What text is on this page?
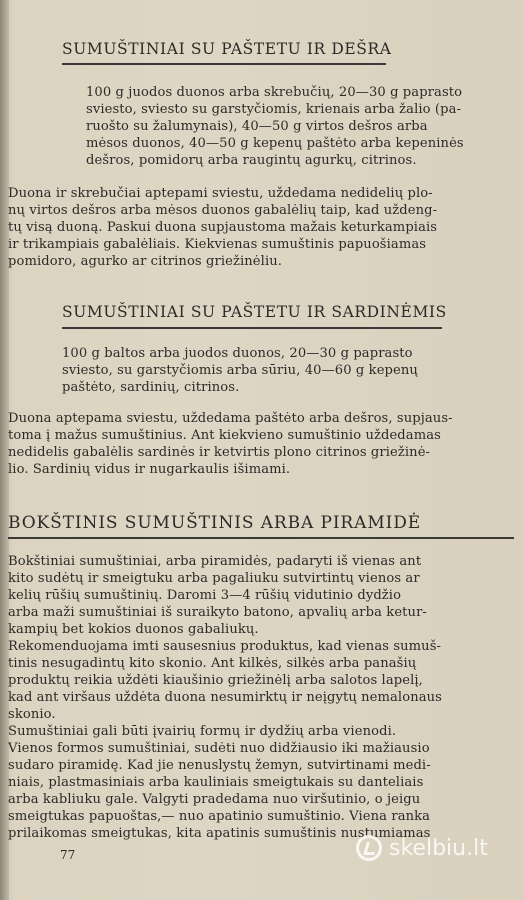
SUMUŠTINIAI SU PAŠTETU IR DEŠRA

100 g juodos duonos arba skrebučių, 20—30 g paprasto
sviesto, sviesto su garstyčiomis, krienais arba žalio (pa-
ruošto su žalumynais), 40—50 g virtos dešros arba
mėsos duonos, 40—50 g kepenų paštėto arba kepeninės
dešros, pomidorų arba raugintų agurkų, citrinos.

Duona ir skrebučiai aptepami sviestu, uždedama nedidelių plo-
nų virtos dešros arba mėsos duonos gabalėlių taip, kad uždeng-
tų visą duoną. Paskui duona supjaustoma mažais keturkampiais
ir trikampiais gabalėliais. Kiekvienas sumuštinis papuošiamas
pomidoro, agurko ar citrinos griežinėliu.

SUMUŠTINIAI SU PAŠTETU IR SARDINĖMIS

100 g baltos arba juodos duonos, 20—30 g paprasto
sviesto, su garstyčiomis arba sūriu, 40—60 g kepenų
paštėto, sardinių, citrinos.

Duona aptepama sviestu, uždedama paštėto arba dešros, supjaus-
toma į mažus sumuštinius. Ant kiekvieno sumuštinio uždedamas
nedidelis gabalėlis sardinės ir ketvirtis plono citrinos griežinė-
lio. Sardinių vidus ir nugarkaulis išimami.

BOKŠTINIS SUMUŠTINIS ARBA PIRAMIDĖ

Bokštiniai sumuštiniai, arba piramidės, padaryti iš vienas ant
kito sudėtų ir smeigtuku arba pagaliuku sutvirtintų vienos ar
kelių rūšių sumuštinių. Daromi 3—4 rūšių vidutinio dydžio
arba maži sumuštiniai iš suraikyto batono, apvalių arba ketur-
kampių bet kokios duonos gabaliukų.

Rekomenduojama imti sausesnius produktus, kad vienas sumuš-
tinis nesugadintų kito skonio. Ant kilkės, silkės arba panašių
produktų reikia uždėti kiaušinio griežinėlį arba salotos lapelį,
kad ant viršaus uždėta duona nesumirktų ir neįgytų nemalonaus
skonio.

Sumuštiniai gali būti įvairių formų ir dydžių arba vienodi.
Vienos formos sumuštiniai, sudėti nuo didžiausio iki mažiausio
sudaro piramidę. Kad jie nenuslystų žemyn, sutvirtinami medi-
niais, plastmasiniais arba kauliniais smeigtukais su danteliais
arba kabliuku gale. Valgyti pradedama nuo viršutinio, o jeigu
smeigtukas papuoštas,— nuo apatinio sumuštinio. Viena ranka
prilaikomas smeigtukas, kita apatinis sumuštinis nustumiamas

77	skelbiu.lt
